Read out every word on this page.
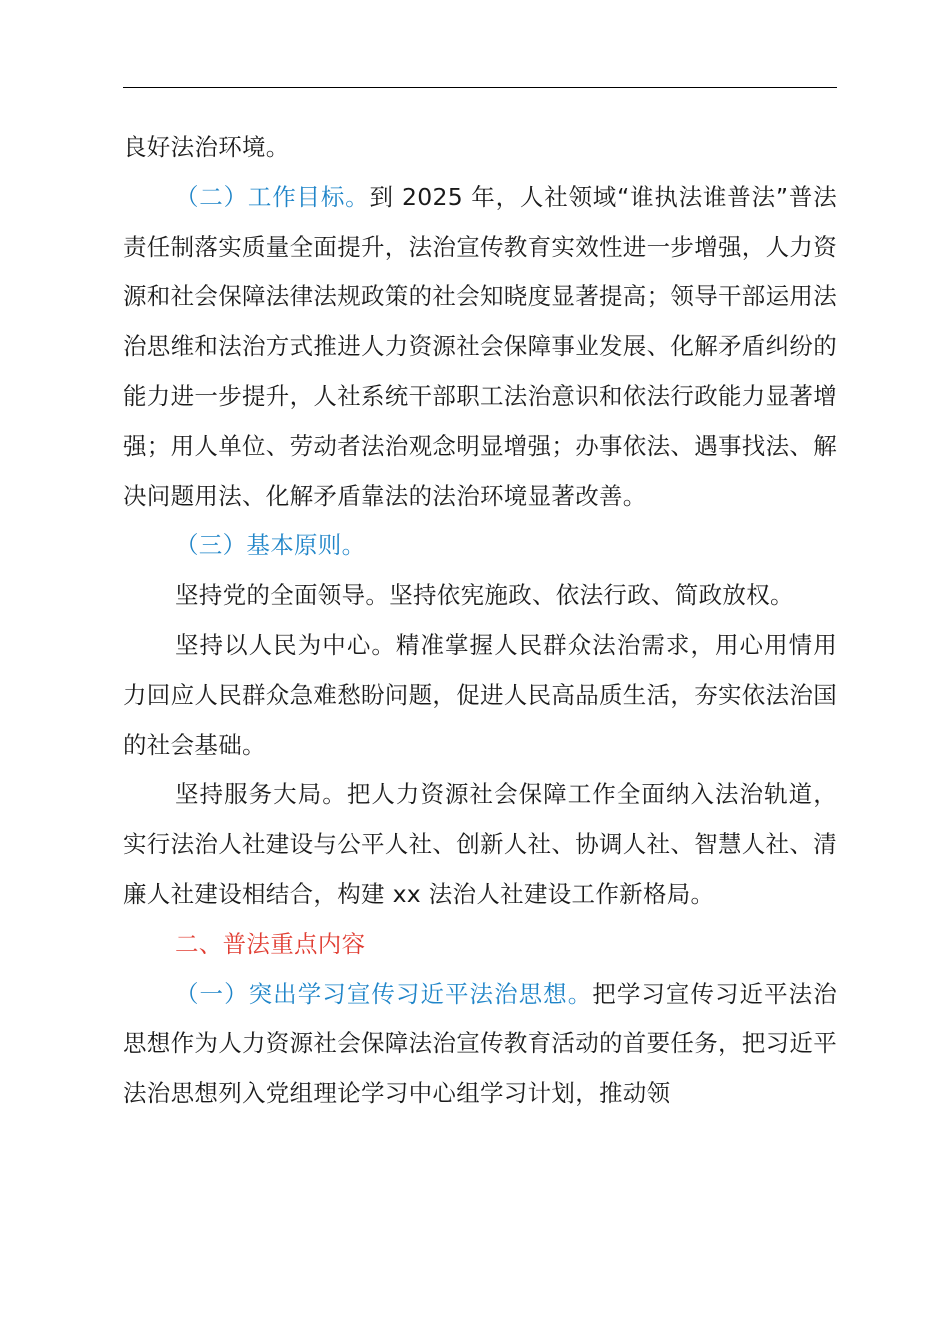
良好法治环境。

（二）工作目标。到 2025 年，人社领域“谁执法谁普法”普法责任制落实质量全面提升，法治宣传教育实效性进一步增强，人力资源和社会保障法律法规政策的社会知晓度显著提高；领导干部运用法治思维和法治方式推进人力资源社会保障事业发展、化解矛盾纠纷的能力进一步提升，人社系统干部职工法治意识和依法行政能力显著增强；用人单位、劳动者法治观念明显增强；办事依法、遇事找法、解决问题用法、化解矛盾靠法的法治环境显著改善。

（三）基本原则。

坚持党的全面领导。坚持依宪施政、依法行政、简政放权。

坚持以人民为中心。精准掌握人民群众法治需求，用心用情用力回应人民群众急难愁盼问题，促进人民高品质生活，夯实依法治国的社会基础。

坚持服务大局。把人力资源社会保障工作全面纳入法治轨道，实行法治人社建设与公平人社、创新人社、协调人社、智慧人社、清廉人社建设相结合，构建 xx 法治人社建设工作新格局。

二、普法重点内容

（一）突出学习宣传习近平法治思想。把学习宣传习近平法治思想作为人力资源社会保障法治宣传教育活动的首要任务，把习近平法治思想列入党组理论学习中心组学习计划，推动领
